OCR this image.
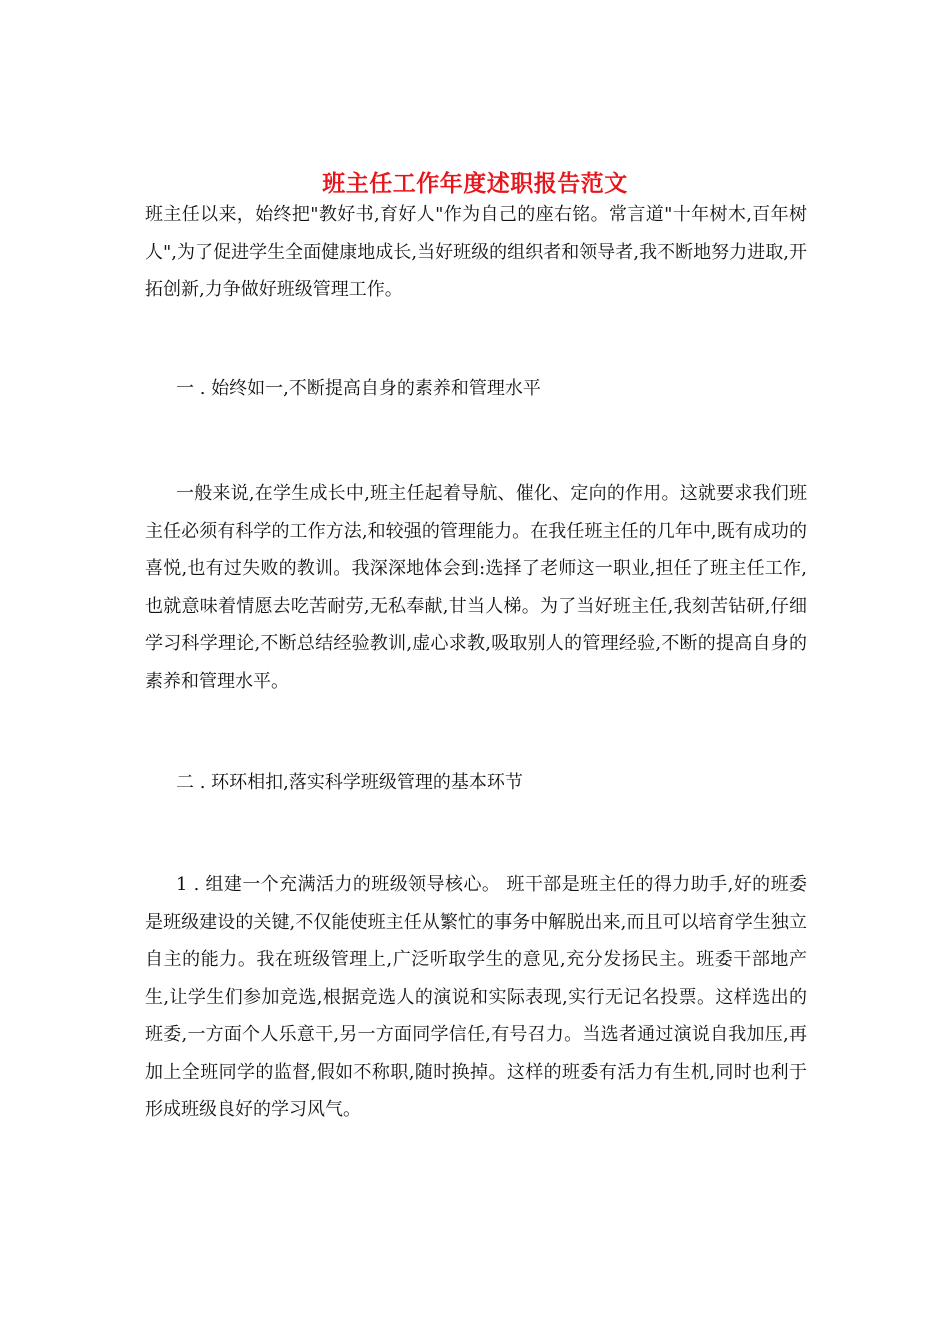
班主任工作年度述职报告范文

班主任以来，始终把"教好书,育好人"作为自己的座右铭。常言道"十年树木,百年树人",为了促进学生全面健康地成长,当好班级的组织者和领导者,我不断地努力进取,开拓创新,力争做好班级管理工作。

一 . 始终如一,不断提高自身的素养和管理水平

一般来说,在学生成长中,班主任起着导航、催化、定向的作用。这就要求我们班主任必须有科学的工作方法,和较强的管理能力。在我任班主任的几年中,既有成功的喜悦,也有过失败的教训。我深深地体会到:选择了老师这一职业,担任了班主任工作,也就意味着情愿去吃苦耐劳,无私奉献,甘当人梯。为了当好班主任,我刻苦钻研,仔细学习科学理论,不断总结经验教训,虚心求教,吸取别人的管理经验,不断的提高自身的素养和管理水平。

二 . 环环相扣,落实科学班级管理的基本环节

1 . 组建一个充满活力的班级领导核心。 班干部是班主任的得力助手,好的班委是班级建设的关键,不仅能使班主任从繁忙的事务中解脱出来,而且可以培育学生独立自主的能力。我在班级管理上,广泛听取学生的意见,充分发扬民主。班委干部地产生,让学生们参加竞选,根据竞选人的演说和实际表现,实行无记名投票。这样选出的班委,一方面个人乐意干,另一方面同学信任,有号召力。当选者通过演说自我加压,再加上全班同学的监督,假如不称职,随时换掉。这样的班委有活力有生机,同时也利于形成班级良好的学习风气。
